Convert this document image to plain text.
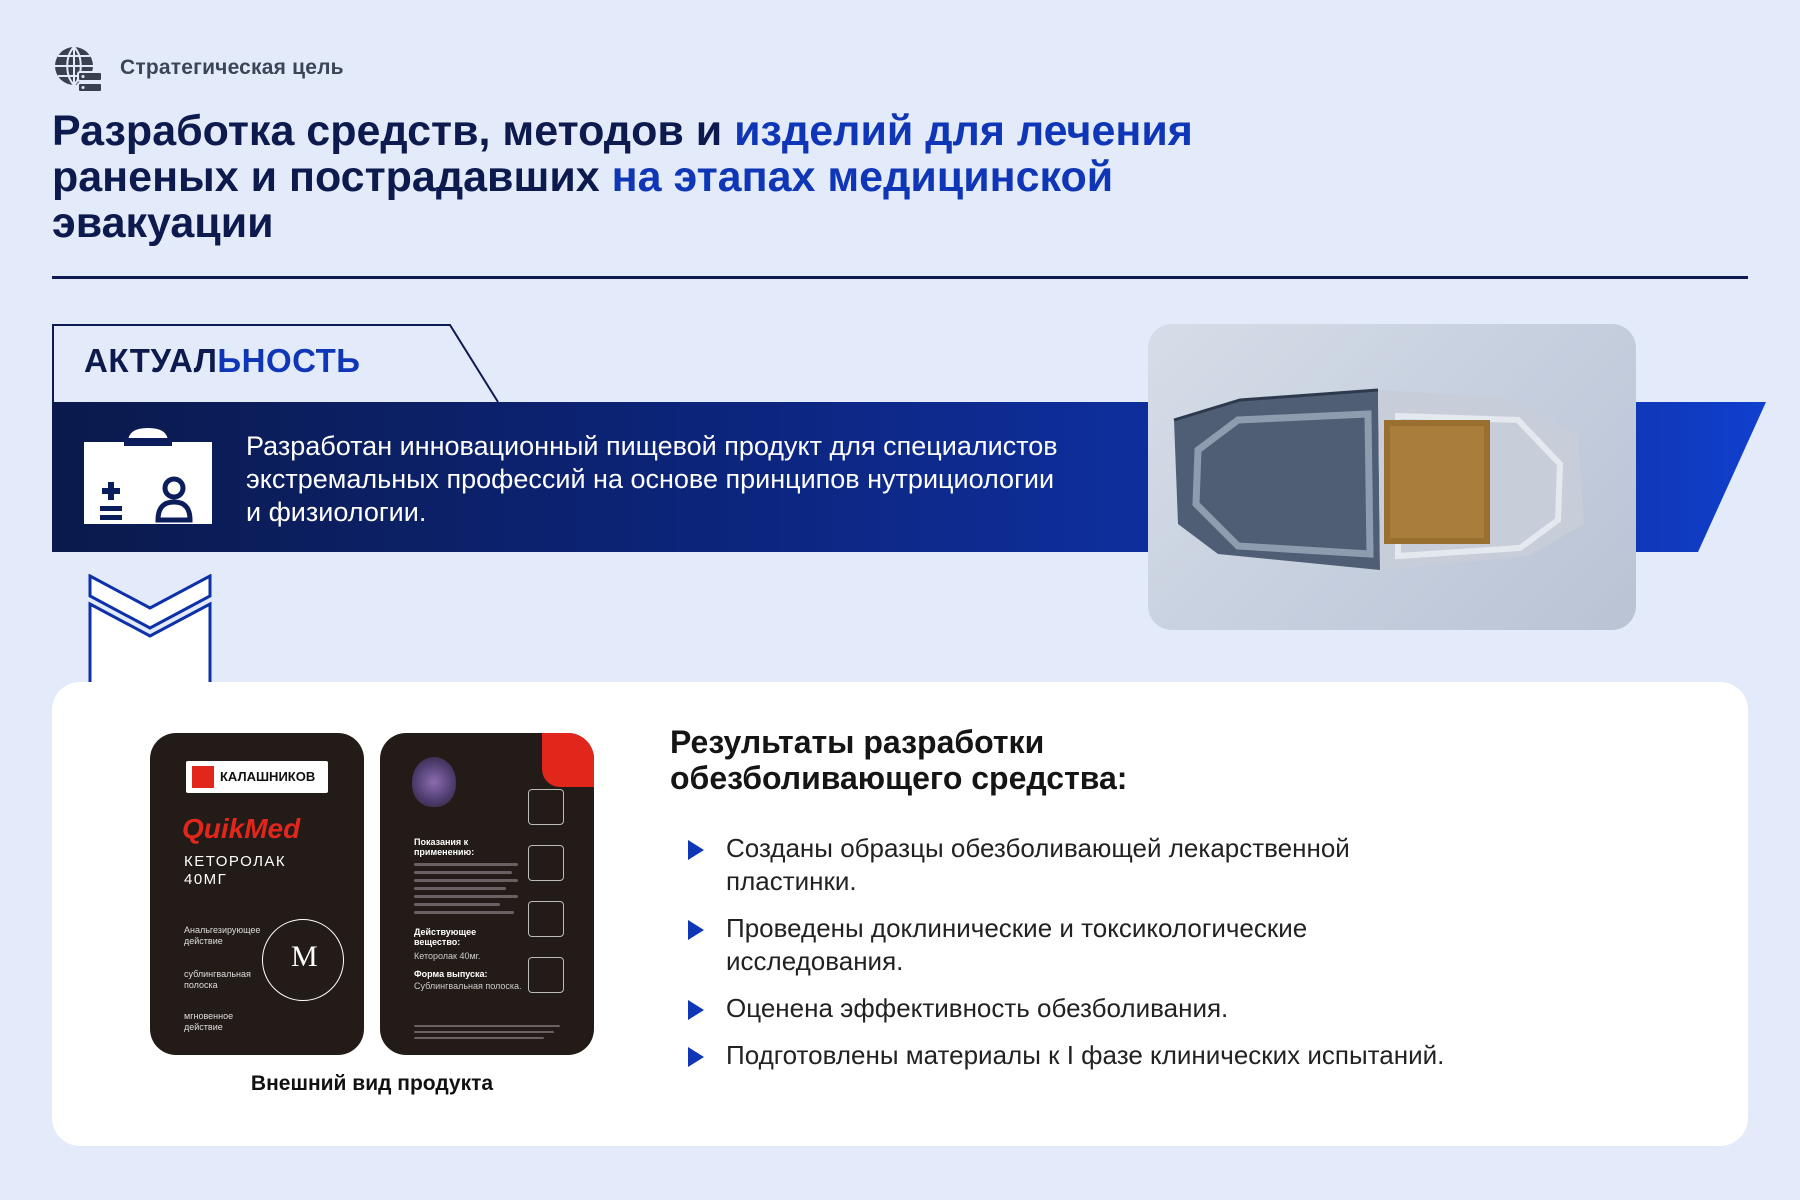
Стратегическая цель
Разработка средств, методов и изделий для лечения
раненых и пострадавших на этапах медицинской
эвакуации
АКТУАЛЬНОСТЬ
Разработан инновационный пищевой продукт для специалистов экстремальных профессий на основе принципов нутрициологии и физиологии.
КАЛАШНИКОВ
QuikMed
КЕТОРОЛАК
40МГ
Анальгезирующее действие
сублингвальная полоска
мгновенное действие
M
Показания к применению:
Действующее вещество:
Кеторолак 40мг.
Форма выпуска:
Сублингвальная полоска.
Внешний вид продукта
Результаты разработки обезболивающего средства:
Созданы образцы обезболивающей лекарственной пластинки.
Проведены доклинические и токсикологические исследования.
Оценена эффективность обезболивания.
Подготовлены материалы к I фазе клинических испытаний.
